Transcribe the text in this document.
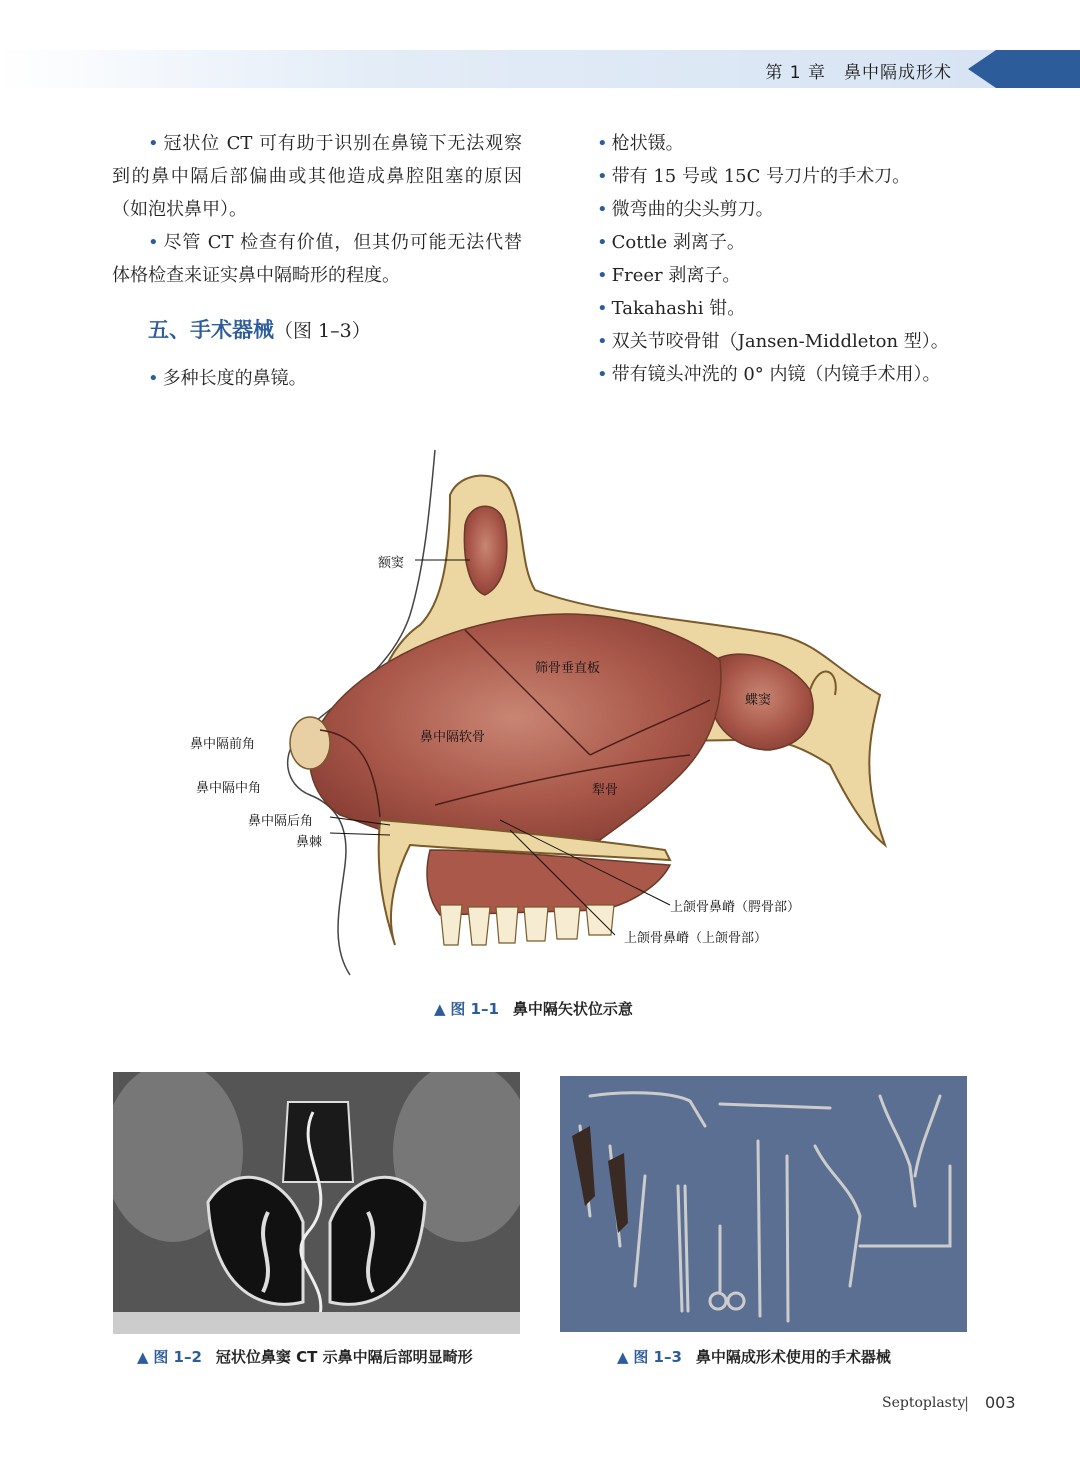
第 1 章　鼻中隔成形术

• 冠状位 CT 可有助于识别在鼻镜下无法观察到的鼻中隔后部偏曲或其他造成鼻腔阻塞的原因（如泡状鼻甲）。

• 尽管 CT 检查有价值，但其仍可能无法代替体格检查来证实鼻中隔畸形的程度。

五、手术器械（图 1–3）

• 多种长度的鼻镜。

• 枪状镊。

• 带有 15 号或 15C 号刀片的手术刀。

• 微弯曲的尖头剪刀。

• Cottle 剥离子。

• Freer 剥离子。

• Takahashi 钳。

• 双关节咬骨钳（Jansen-Middleton 型）。

• 带有镜头冲洗的 0° 内镜（内镜手术用）。

额窦
筛骨垂直板
蝶窦
鼻中隔前角	鼻中隔软骨
鼻中隔中角	犁骨
鼻中隔后角
鼻棘
上颌骨鼻嵴（腭骨部）
上颌骨鼻嵴（上颌骨部）
▲ 图 1–1 鼻中隔矢状位示意
▲ 图 1–2 冠状位鼻窦 CT 示鼻中隔后部明显畸形	▲ 图 1–3 鼻中隔成形术使用的手术器械
Septoplasty
| 003
